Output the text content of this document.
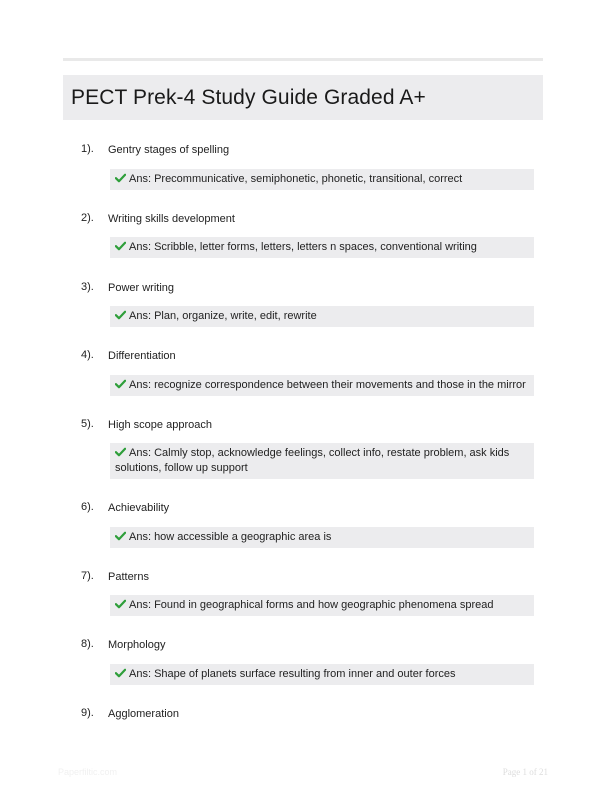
PECT Prek-4 Study Guide Graded A+
1). Gentry stages of spelling
Ans: Precommunicative, semiphonetic, phonetic, transitional, correct
2). Writing skills development
Ans: Scribble, letter forms, letters, letters n spaces, conventional writing
3). Power writing
Ans: Plan, organize, write, edit, rewrite
4). Differentiation
Ans: recognize correspondence between their movements and those in the mirror
5). High scope approach
Ans: Calmly stop, acknowledge feelings, collect info, restate problem, ask kids solutions, follow up support
6). Achievability
Ans: how accessible a geographic area is
7). Patterns
Ans: Found in geographical forms and how geographic phenomena spread
8). Morphology
Ans: Shape of planets surface resulting from inner and outer forces
9). Agglomeration
Paperfiltic.com	Page 1 of 21
